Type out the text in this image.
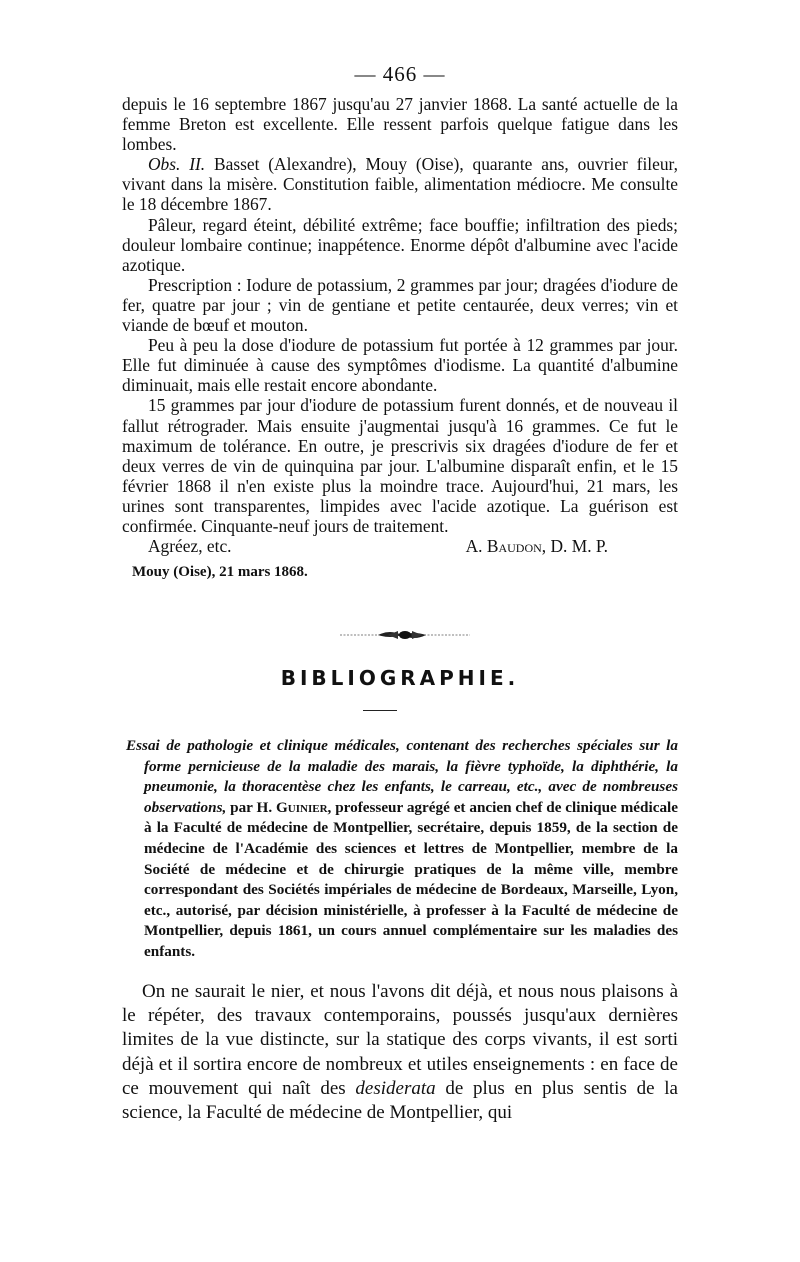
— 466 —

depuis le 16 septembre 1867 jusqu'au 27 janvier 1868. La santé actuelle de la femme Breton est excellente. Elle ressent parfois quelque fatigue dans les lombes.

Obs. II. Basset (Alexandre), Mouy (Oise), quarante ans, ouvrier fileur, vivant dans la misère. Constitution faible, alimentation médiocre. Me consulte le 18 décembre 1867.

Pâleur, regard éteint, débilité extrême; face bouffie; infiltration des pieds; douleur lombaire continue; inappétence. Enorme dépôt d'albumine avec l'acide azotique.

Prescription : Iodure de potassium, 2 grammes par jour; dragées d'iodure de fer, quatre par jour ; vin de gentiane et petite centaurée, deux verres; vin et viande de bœuf et mouton.

Peu à peu la dose d'iodure de potassium fut portée à 12 grammes par jour. Elle fut diminuée à cause des symptômes d'iodisme. La quantité d'albumine diminuait, mais elle restait encore abondante.

15 grammes par jour d'iodure de potassium furent donnés, et de nouveau il fallut rétrograder. Mais ensuite j'augmentai jusqu'à 16 grammes. Ce fut le maximum de tolérance. En outre, je prescrivis six dragées d'iodure de fer et deux verres de vin de quinquina par jour. L'albumine disparaît enfin, et le 15 février 1868 il n'en existe plus la moindre trace. Aujourd'hui, 21 mars, les urines sont transparentes, limpides avec l'acide azotique. La guérison est confirmée. Cinquante-neuf jours de traitement.

Agréez, etc.	A. Baudon, D. M. P.
Mouy (Oise), 21 mars 1868.
BIBLIOGRAPHIE.
Essai de pathologie et clinique médicales, contenant des recherches spéciales sur la forme pernicieuse de la maladie des marais, la fièvre typhoïde, la diphthérie, la pneumonie, la thoracentèse chez les enfants, le carreau, etc., avec de nombreuses observations, par H. Guinier, professeur agrégé et ancien chef de clinique médicale à la Faculté de médecine de Montpellier, secrétaire, depuis 1859, de la section de médecine de l'Académie des sciences et lettres de Montpellier, membre de la Société de médecine et de chirurgie pratiques de la même ville, membre correspondant des Sociétés impériales de médecine de Bordeaux, Marseille, Lyon, etc., autorisé, par décision ministérielle, à professer à la Faculté de médecine de Montpellier, depuis 1861, un cours annuel complémentaire sur les maladies des enfants.

On ne saurait le nier, et nous l'avons dit déjà, et nous nous plaisons à le répéter, des travaux contemporains, poussés jusqu'aux dernières limites de la vue distincte, sur la statique des corps vivants, il est sorti déjà et il sortira encore de nombreux et utiles enseignements : en face de ce mouvement qui naît des desiderata de plus en plus sentis de la science, la Faculté de médecine de Montpellier, qui
